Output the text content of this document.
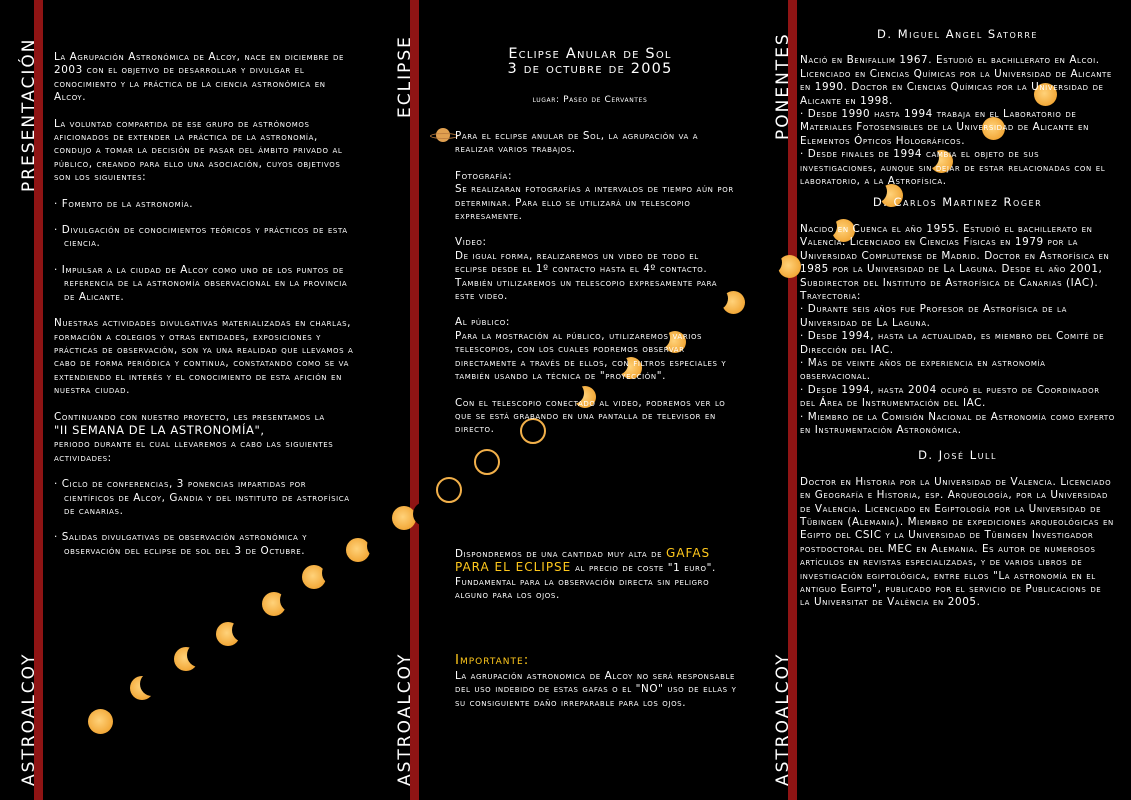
PRESENTACIÓN
ASTROALCOY
ECLIPSE
ASTROALCOY
PONENTES
ASTROALCOY

La Agrupación Astronómica de Alcoy, nace en diciembre de 2003 con el objetivo de desarrollar y divulgar el conocimiento y la práctica de la ciencia astronómica en Alcoy.

La voluntad compartida de ese grupo de astrónomos aficionados de extender la práctica de la astronomía, condujo a tomar la decisión de pasar del ámbito privado al público, creando para ello una asociación, cuyos objetivos son los siguientes:

· Fomento de la astronomía.
· Divulgación de conocimientos teóricos y prácticos de esta ciencia.
· Impulsar a la ciudad de Alcoy como uno de los puntos de referencia de la astronomía observacional en la provincia de Alicante.

Nuestras actividades divulgativas materializadas en charlas, formación a colegios y otras entidades, exposiciones y prácticas de observación, son ya una realidad que llevamos a cabo de forma periódica y continua, constatando como se va extendiendo el interés y el conocimiento de esta afición en nuestra ciudad.

Continuando con nuestro proyecto, les presentamos la
"II SEMANA DE LA ASTRONOMÍA",
periodo durante el cual llevaremos a cabo las siguientes actividades:

· Ciclo de conferencias, 3 ponencias impartidas por científicos de Alcoy, Gandia y del instituto de astrofísica de canarias.
· Salidas divulgativas de observación astronómica y observación del eclipse de sol del 3 de Octubre.
Eclipse Anular de Sol
3 de octubre de 2005
lugar: Paseo de Cervantes

Para el eclipse anular de Sol, la agrupación va a realizar varios trabajos.

Fotografía:

Se realizaran fotografías a intervalos de tiempo aún por determinar. Para ello se utilizará un telescopio expresamente.

Video:

De igual forma, realizaremos un video de todo el eclipse desde el 1º contacto hasta el 4º contacto. También utilizaremos un telescopio expresamente para este video.

Al público:

Para la mostración al público, utilizaremos varios telescopios, con los cuales podremos observar directamente a través de ellos, con filtros especiales y también usando la técnica de "proyección".

Con el telescopio conectado al video, podremos ver lo que se está grabando en una pantalla de televisor en directo.

Dispondremos de una cantidad muy alta de GAFAS PARA EL ECLIPSE al precio de coste "1 euro". Fundamental para la observación directa sin peligro alguno para los ojos.
Importante:
La agrupación astronomica de Alcoy no será responsable del uso indebido de estas gafas o el "NO" uso de ellas y su consiguiente daño irreparable para los ojos.

D. Miguel Angel Satorre

Nació en Benifallim 1967. Estudió el bachillerato en Alcoi. Licenciado en Ciencias Químicas por la Universidad de Alicante en 1990. Doctor en Ciencias Químicas por la Universidad de Alicante en 1998.
· Desde 1990 hasta 1994 trabaja en el Laboratorio de Materiales Fotosensibles de la Universidad de Alicante en Elementos Ópticos Holográficos.
· Desde finales de 1994 cambia el objeto de sus investigaciones, aunque sin dejar de estar relacionadas con el laboratorio, a la Astrofísica.

D. Carlos Martinez Roger

Nacido en Cuenca el año 1955. Estudió el bachillerato en Valencia. Licenciado en Ciencias Físicas en 1979 por la Universidad Complutense de Madrid. Doctor en Astrofísica en 1985 por la Universidad de La Laguna. Desde el año 2001, Subdirector del Instituto de Astrofísica de Canarias (IAC).
Trayectoria:
· Durante seis años fue Profesor de Astrofísica de la Universidad de La Laguna.
· Desde 1994, hasta la actualidad, es miembro del Comité de Dirección del IAC.
· Más de veinte años de experiencia en astronomía observacional.
· Desde 1994, hasta 2004 ocupó el puesto de Coordinador del Área de Instrumentación del IAC.
· Miembro de la Comisión Nacional de Astronomía como experto en Instrumentación Astronómica.

D. José Lull

Doctor en Historia por la Universidad de Valencia. Licenciado en Geografía e Historia, esp. Arqueología, por la Universidad de Valencia. Licenciado en Egiptología por la Universidad de Tübingen (Alemania). Miembro de expediciones arqueológicas en Egipto del CSIC y la Universidad de Tübingen Investigador postdoctoral del MEC en Alemania. Es autor de numerosos artículos en revistas especializadas, y de varios libros de investigación egiptológica, entre ellos "La astronomía en el antiguo Egipto", publicado por el servicio de Publicacions de la Universitat de València en 2005.
